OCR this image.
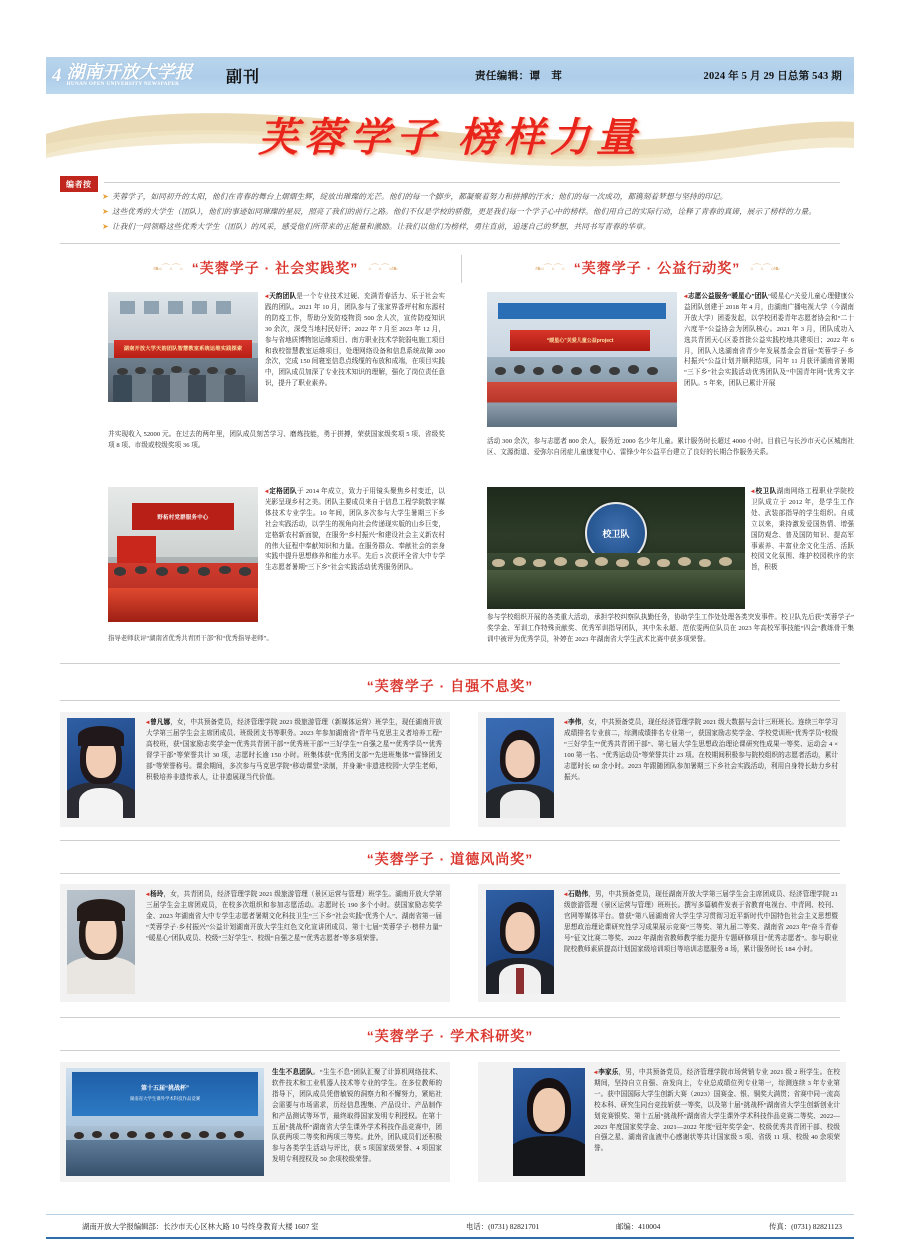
4 湖南开放大学报
HUNAN OPEN UNIVERSITY NEWSPAPER	副刊	责任编辑：谭　茸	2024 年 5 月 29 日总第 543 期
芙蓉学子 榜样力量
编者按
➤ 芙蓉学子，如同初升的太阳，他们在青春的舞台上熠熠生辉，绽放出璀璨的光芒。他们的每一个脚步，都凝聚着努力和拼搏的汗水；他们的每一次成功，都镌刻着梦想与坚持的印记。
➤ 这些优秀的大学生（团队），他们的事迹如同璀璨的星辰，照亮了我们的前行之路。他们不仅是学校的骄傲，更是我们每一个学子心中的榜样。他们用自己的实际行动，诠释了青春的真谛，展示了榜样的力量。
➤ 让我们一同领略这些优秀大学生（团队）的风采，感受他们所带来的正能量和激励。让我们以他们为榜样，勇往直前，追逐自己的梦想，共同书写青春的华章。
❧◦⌒◦⌒◦ “芙蓉学子 · 社会实践奖” ◦⌒◦⌒◦❧	❧◦⌒◦⌒◦ “芙蓉学子 · 公益行动奖” ◦⌒◦⌒◦❧
湖南开放大学天韵团队智慧教室系统运维实践探索
◂ 天韵团队是一个专业技术过硬、充满青春活力、乐于社会实践的团队。2021 年 10 月，团队参与了张家界香坪村和东源村的防疫工作，帮助分发防疫物资 500 余人次，宣传防疫知识 30 余次，深受当地村民好评；2022 年 7 月至 2023 年 12 月，参与省地质博物馆运维项目、南方职业技术学院弱电施工项目和我校智慧教室运维项目，处理网络设备和信息系统故障 200 余次，完成 150 间寝室信息点线缆的布放和成端，在项目实践中，团队成员加深了专业技术知识的理解，强化了岗位责任意识，提升了职业素养。
并实现收入 52000 元。在过去的两年里，团队成员刻苦学习、磨炼技能，勇于拼搏，荣获国家级奖项 5 项、省级奖项 8 项、市级或校级奖项 36 项。
野柘村党群服务中心
◂ 定格团队于 2014 年成立，致力于用镜头聚焦乡村变迁，以光影呈现乡村之美。团队主要成员来自于信息工程学院数字媒体技术专业学生。10 年间，团队多次参与大学生暑期三下乡社会实践活动，以学生的视角向社会传递现实版的山乡巨变，定格新农村新面貌，在服务“乡村振兴”和建设社会主义新农村的伟大征程中奉献知识和力量。在服务群众、奉献社会的亲身实践中提升思想修养和能力水平。先后 5 次获评全省大中专学生志愿者暑期“三下乡”社会实践活动优秀服务团队。
指导老师获评“湖南省优秀共青团干部”和“优秀指导老师”。
“暖星心”关爱儿童公益project
◂ 志愿公益服务“暖星心”团队“暖星心”关爱儿童心理健康公益团队创建于 2018 年 4 月，由湖南广播电视大学（今湖南开放大学）团委发起，以学校团委青年志愿者协会和“二十六度半”公益协会为团队核心。2021 年 3 月，团队成功入选共青团天心区委首批公益实践校地共建项目；2022 年 6 月，团队入选湖南省青少年发展基金会首届“芙蓉学子·乡村振兴”公益计划并顺利结项，同年 11 月获评湖南省暑期“三下乡”社会实践活动优秀团队及“中国青年网”优秀文字团队。5 年来，团队已累计开展
活动 300 余次，参与志愿者 800 余人，服务近 2000 名少年儿童。累计服务时长超过 4000 小时。目前已与长沙市天心区城南社区、文源街道、爱弥尔自闭症儿童康复中心、雷锋少年公益平台建立了良好的长期合作服务关系。
校卫队
◂ 校卫队湖南网络工程职业学院校卫队成立于 2012 年，是学生工作处、武装部指导的学生组织。自成立以来，秉持激发爱国热情、增强国防观念、普及国防知识、提高军事素养、丰富业余文化生活、活跃校园文化氛围、维护校园秩序的宗旨，积极
参与学校组织开展的各类重大活动，承担学校纠察队执勤任务，协助学生工作处处理各类突发事件。校卫队先后获“芙蓉学子”奖学金、军训工作特殊贡献奖、优秀军训指导团队，其中朱永超、范依雯两位队员在 2023 年高校军事技能“四会”教练骨干集训中被评为优秀学员，补婷在 2023 年湖南省大学生武术比赛中获多项荣誉。
“芙蓉学子 · 自强不息奖”
◂ 曾凡娜，女，中共预备党员，经济管理学院 2021 级旅游管理（新媒体运营）班学生，现任湖南开放大学第三届学生会主席团成员、班级团支书等职务。2023 年参加湖南省“青年马克思主义者培养工程”高校班，获“国家励志奖学金”“优秀共青团干部”“优秀班干部”“三好学生”“自强之星”“优秀学员”“优秀督学干部”等荣誉共计 30 项，志愿时长逾 150 小时。班集体获“优秀团支部”“先进班集体”“雷锋团支部”等荣誉称号。课余期间，多次参与马克思学院“移动课堂”录制，并身兼“非遗进校园”大学生老师，积极培养非遗传承人，让非遗展现当代价值。
◂ 李伟，女，中共预备党员，现任经济管理学院 2021 级大数据与会计三班班长。连续三年学习成绩排名专业前二，综测成绩排名专业第一，获国家励志奖学金、学校党训班“优秀学员”校级“三好学生”“优秀共青团干部”、第七届大学生思想政治理论课研究性成果一等奖、运动会 4 × 100 第一名、“优秀运动员”等荣誉共计 23 项。在校期间积极参与院校组织的志愿者活动，累计志愿时长 60 余小时。2023 年跟随团队参加暑期三下乡社会实践活动，利用自身特长助力乡村振兴。
“芙蓉学子 · 道德风尚奖”
◂ 杨玲，女，共青团员，经济管理学院 2021 级旅游管理（景区运营与管理）班学生。湖南开放大学第三届学生会主席团成员，在校多次组织和参加志愿活动。志愿时长 190 多个小时。获国家励志奖学金、2023 年湖南省大中专学生志愿者暑期文化科技卫生“三下乡”社会实践“优秀个人”、湖南省第一届“芙蓉学子·乡村振兴”公益计划湖南开放大学生红色文化宣讲团成员、第十七届“芙蓉学子·榜样力量”“暖星心”团队成员、校级“三好学生”、校级“自强之星”“优秀志愿者”等多项荣誉。
◂ 石勋伟，男，中共预备党员，现任湖南开放大学第三届学生会主席团成员、经济管理学院 21 级旅游管理（景区运营与管理）班班长。撰写多篇稿件发表于省教育电视台、中青网、校刊、官网等媒体平台。曾获“第八届湖南省大学生学习贯彻习近平新时代中国特色社会主义思想暨思想政治理论课研究性学习成果展示竞赛”三等奖、第九届二等奖、湖南省 2023 年“奋斗青春号”征文比赛二等奖、2022 年湖南省教师教学能力提升专题研修项目“优秀志愿者”。参与职业院校教师素质提高计划国家级培训项目等培训志愿服务 8 场，累计服务时长 184 小时。
“芙蓉学子 · 学术科研奖”
第十五届“挑战杯”
湖南省大学生课外学术科技作品竞赛
生生不息团队。“生生不息”团队汇聚了计算机网络技术、软件技术和工业机器人技术等专业的学生。在多位教师的指导下，团队成员凭借敏锐的洞察力和不懈努力，紧贴社会需要与市场需求，历经信息搜集、产品设计、产品制作和产品测试等环节，最终取得国家发明专利授权。在第十五届“挑战杯”湖南省大学生课外学术科技作品竞赛中，团队获两项二等奖和两项三等奖。此外，团队成员们还积极参与各类学生活动与评比，获 5 项国家级荣誉、4 项国家发明专利授权及 50 余项校级荣誉。
◂ 李家乐，男，中共预备党员，经济管理学院市场营销专业 2021 级 2 班学生。在校期间，坚持自立自强、奋发向上，专业总成绩位列专业第一，综测连续 3 年专业第一。获中国国际大学生创新大赛（2023）国赛金、银、铜奖大满贯；省赛中同一流高校本科、研究生同台竞技斩获一等奖，以及第十届“挑战杯”湖南省大学生创新创业计划竞赛银奖、第十五届“挑战杯”湖南省大学生课外学术科技作品竞赛二等奖、2022—2023 年度国家奖学金、2021—2022 年度“冠年奖学金”、校级优秀共青团干部、校级自强之星、湖南省血液中心感谢状等共计国家级 5 项、省级 11 项、校级 40 余项荣誉。
湖南开放大学报编辑部：长沙市天心区林大路 10 号终身教育大楼 1607 室	电话：(0731) 82821701	邮编：410004	传真：(0731) 82821123
